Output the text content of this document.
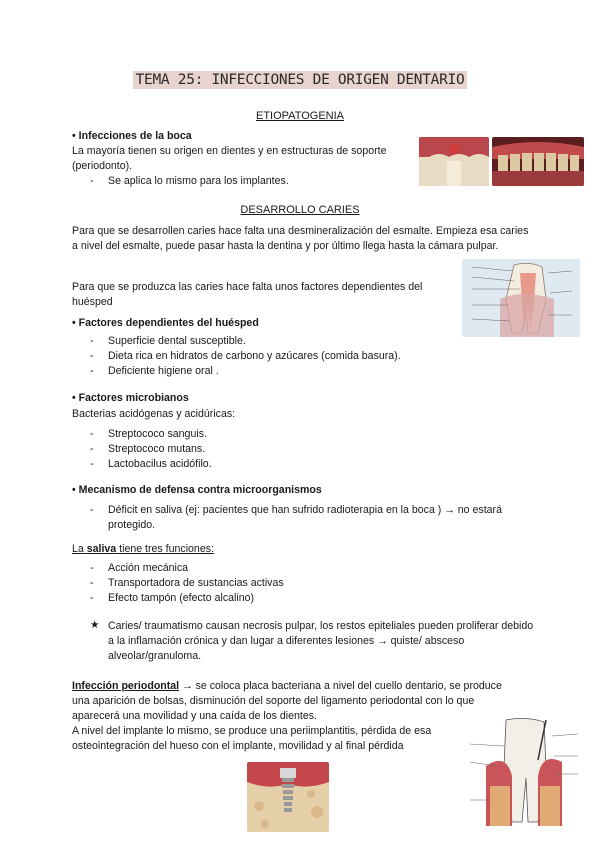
TEMA 25: INFECCIONES DE ORIGEN DENTARIO
ETIOPATOGENIA
• Infecciones de la boca
La mayoría tienen su origen en dientes y en estructuras de soporte (periodonto).
- Se aplica lo mismo para los implantes.
DESARROLLO CARIES
Para que se desarrollen caries hace falta una desmineralización del esmalte. Empieza esa caries a nivel del esmalte, puede pasar hasta la dentina y por último llega hasta la cámara pulpar.
Para que se produzca las caries hace falta unos factores dependientes del huésped
• Factores dependientes del huésped
- Superficie dental susceptible.
- Dieta rica en hidratos de carbono y azúcares (comida basura).
- Deficiente higiene oral .
• Factores microbianos
Bacterias acidógenas y acidúricas:
- Streptococo sanguis.
- Streptococo mutans.
- Lactobacilus acidófilo.
• Mecanismo de defensa contra microorganismos
- Déficit en saliva (ej: pacientes que han sufrido radioterapia en la boca ) → no estará
protegido.
La saliva tiene tres funciones:
- Acción mecánica
- Transportadora de sustancias activas
- Efecto tampón (efecto alcalino)
★ Caries/ traumatismo causan necrosis pulpar, los restos epiteliales pueden proliferar debido a la inflamación crónica y dan lugar a diferentes lesiones → quiste/ absceso alveolar/granuloma.
Infección periodontal → se coloca placa bacteriana a nivel del cuello dentario, se produce
una aparición de bolsas, disminución del soporte del ligamento periodontal con lo que
aparecerá una movilidad y una caída de los dientes.
A nivel del implante lo mismo, se produce una periimplantitis, pérdida de esa
osteointegración del hueso con el implante, movilidad y al final pérdida
